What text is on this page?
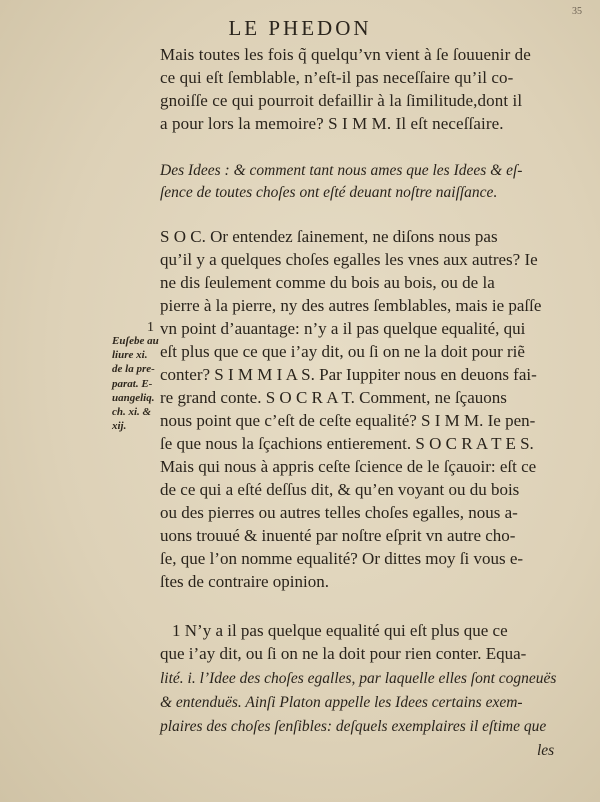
LE PHEDON
35
Mais toutes les fois q̃ quelqu’vn vient à ſe ſouuenir de
ce qui eſt ſemblable, n’eſt-il pas neceſſaire qu’il co-
gnoiſſe ce qui pourroit defaillir à la ſimilitude,dont il
a pour lors la memoire? S I M M. Il eſt neceſſaire.
Des Idees : & comment tant nous ames que les Idees & eſ-
ſence de toutes choſes ont eſté deuant noſtre naiſſance.
S O C. Or entendez ſainement, ne diſons nous pas
qu’il y a quelques choſes egalles les vnes aux autres? Ie
ne dis ſeulement comme du bois au bois, ou de la
pierre à la pierre, ny des autres ſemblables, mais ie paſſe
vn point d’auantage: n’y a il pas quelque equalité, qui
eſt plus que ce que i’ay dit, ou ſi on ne la doit pour riẽ
conter? S I M M I A S. Par Iuppiter nous en deuons fai-
re grand conte. S O C R A T. Comment, ne ſçauons
nous point que c’eſt de ceſte equalité? S I M M. Ie pen-
ſe que nous la ſçachions entierement. S O C R A T E S.
Mais qui nous à appris ceſte ſcience de le ſçauoir: eſt ce
de ce qui a eſté deſſus dit, & qu’en voyant ou du bois
ou des pierres ou autres telles choſes egalles, nous a-
uons trouué & inuenté par noſtre eſprit vn autre cho-
ſe, que l’on nomme equalité? Or dittes moy ſi vous e-
ſtes de contraire opinion.
1
Euſebe au
liure xi.
de la pre-
parat. E-
uangeliq.
ch. xi. &
xij.
1 N’y a il pas quelque equalité qui eſt plus que ce
que i’ay dit, ou ſi on ne la doit pour rien conter. Equa-
lité. i. l’Idee des choſes egalles, par laquelle elles ſont cogneuës
& entenduës. Ainſi Platon appelle les Idees certains exem-
plaires des choſes ſenſibles: deſquels exemplaires il eſtime que
les
